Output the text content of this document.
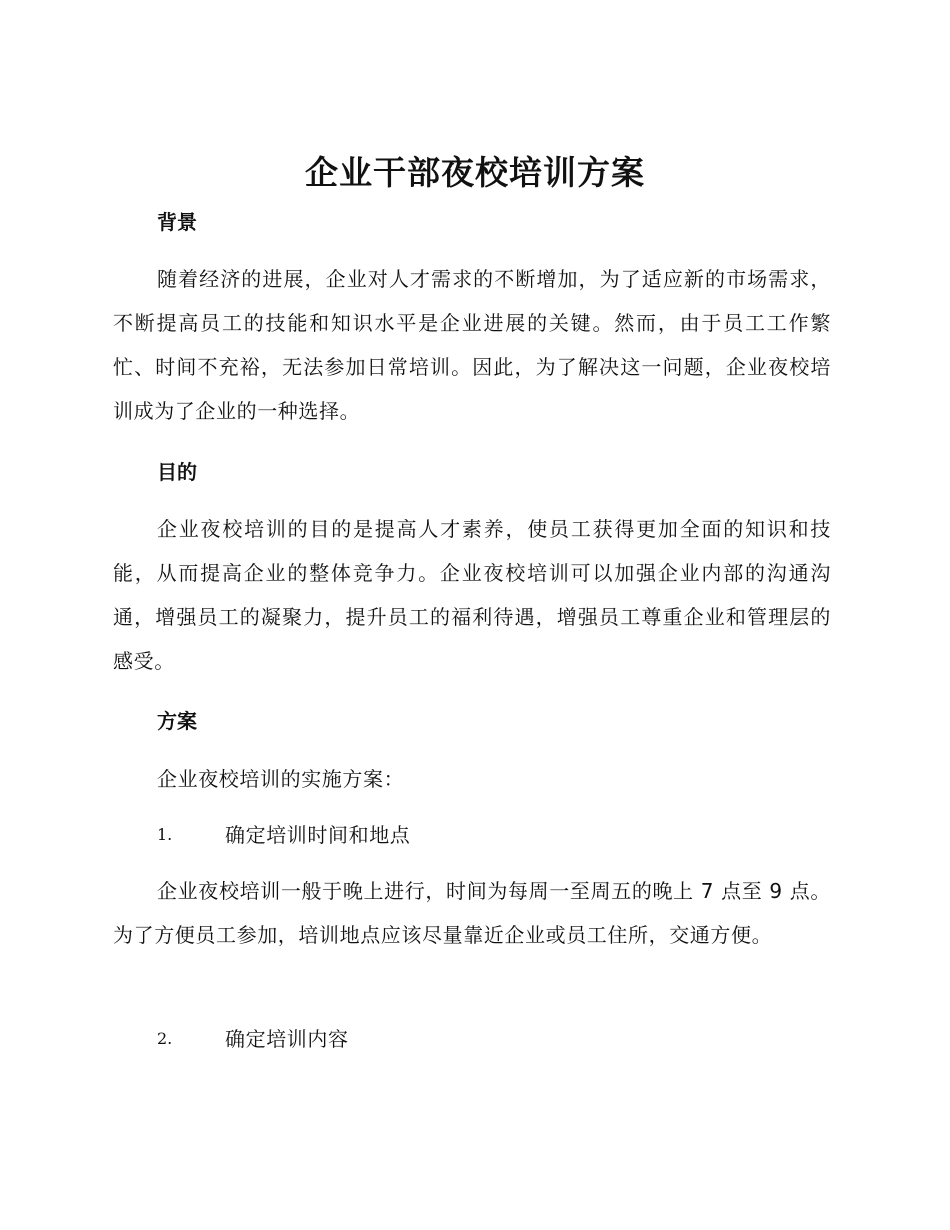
企业干部夜校培训方案
背景
随着经济的进展，企业对人才需求的不断增加，为了适应新的市场需求，不断提高员工的技能和知识水平是企业进展的关键。然而，由于员工工作繁忙、时间不充裕，无法参加日常培训。因此，为了解决这一问题，企业夜校培训成为了企业的一种选择。
目的
企业夜校培训的目的是提高人才素养，使员工获得更加全面的知识和技能，从而提高企业的整体竞争力。企业夜校培训可以加强企业内部的沟通沟通，增强员工的凝聚力，提升员工的福利待遇，增强员工尊重企业和管理层的感受。
方案
企业夜校培训的实施方案：
1.	确定培训时间和地点
企业夜校培训一般于晚上进行，时间为每周一至周五的晚上 7 点至 9 点。为了方便员工参加，培训地点应该尽量靠近企业或员工住所，交通方便。
2.	确定培训内容
